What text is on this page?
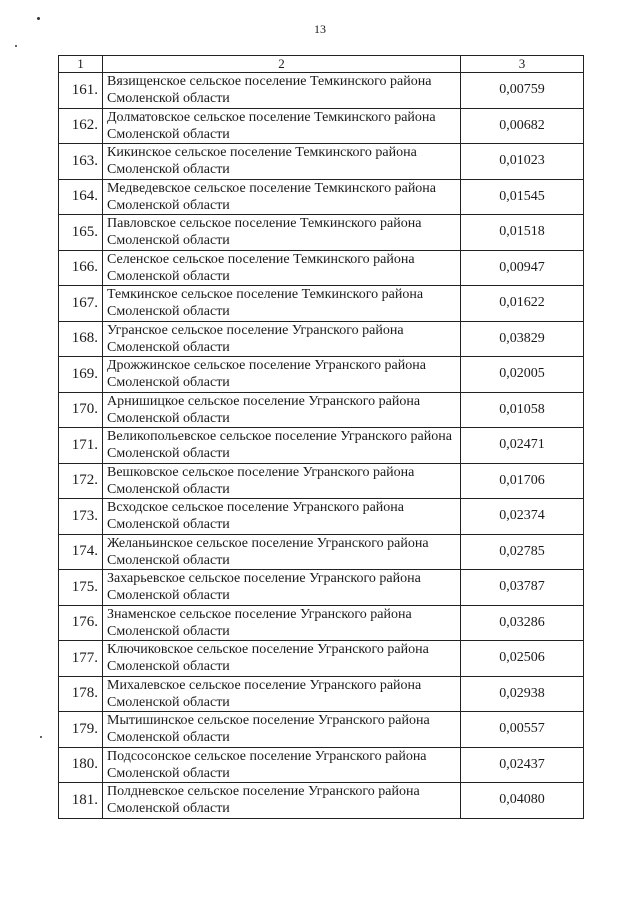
13
1	2	3
161.	Вязищенское сельское поселение Темкинского района Смоленской области	0,00759
162.	Долматовское сельское поселение Темкинского района Смоленской области	0,00682
163.	Кикинское сельское поселение Темкинского района Смоленской области	0,01023
164.	Медведевское сельское поселение Темкинского района Смоленской области	0,01545
165.	Павловское сельское поселение Темкинского района Смоленской области	0,01518
166.	Селенское сельское поселение Темкинского района Смоленской области	0,00947
167.	Темкинское сельское поселение Темкинского района Смоленской области	0,01622
168.	Угранское сельское поселение Угранского района Смоленской области	0,03829
169.	Дрожжинское сельское поселение Угранского района Смоленской области	0,02005
170.	Арнишицкое сельское поселение Угранского района Смоленской области	0,01058
171.	Великопольевское сельское поселение Угранского района Смоленской области	0,02471
172.	Вешковское сельское поселение Угранского района Смоленской области	0,01706
173.	Всходское сельское поселение Угранского района Смоленской области	0,02374
174.	Желаньинское сельское поселение Угранского района Смоленской области	0,02785
175.	Захарьевское сельское поселение Угранского района Смоленской области	0,03787
176.	Знаменское сельское поселение Угранского района Смоленской области	0,03286
177.	Ключиковское сельское поселение Угранского района Смоленской области	0,02506
178.	Михалевское сельское поселение Угранского района Смоленской области	0,02938
179.	Мытишинское сельское поселение Угранского района Смоленской области	0,00557
180.	Подсосонское сельское поселение Угранского района Смоленской области	0,02437
181.	Полдневское сельское поселение Угранского района Смоленской области	0,04080
